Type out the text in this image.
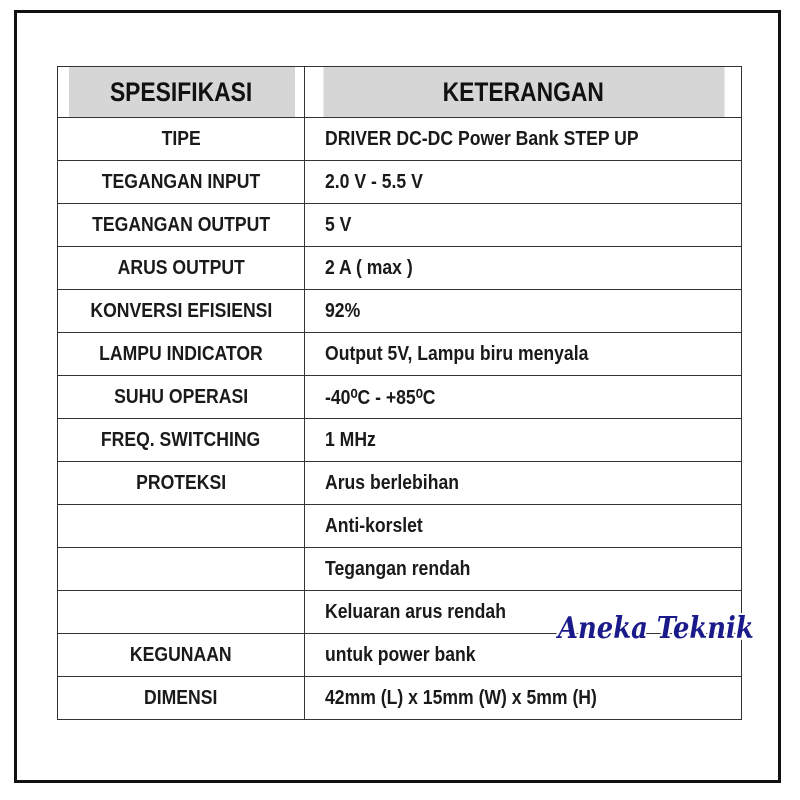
SPESIFIKASI	KETERANGAN
TIPE	DRIVER DC-DC Power Bank STEP UP
TEGANGAN INPUT	2.0 V - 5.5 V
TEGANGAN OUTPUT	5 V
ARUS OUTPUT	2 A ( max )
KONVERSI EFISIENSI	92%
LAMPU INDICATOR	Output 5V, Lampu biru menyala
SUHU OPERASI	-40⁰C - +85⁰C
FREQ. SWITCHING	1 MHz
PROTEKSI	Arus berlebihan
	Anti-korslet
	Tegangan rendah
	Keluaran arus rendah
KEGUNAAN	untuk power bank
DIMENSI	42mm (L) x 15mm (W) x 5mm (H)
Aneka Teknik
